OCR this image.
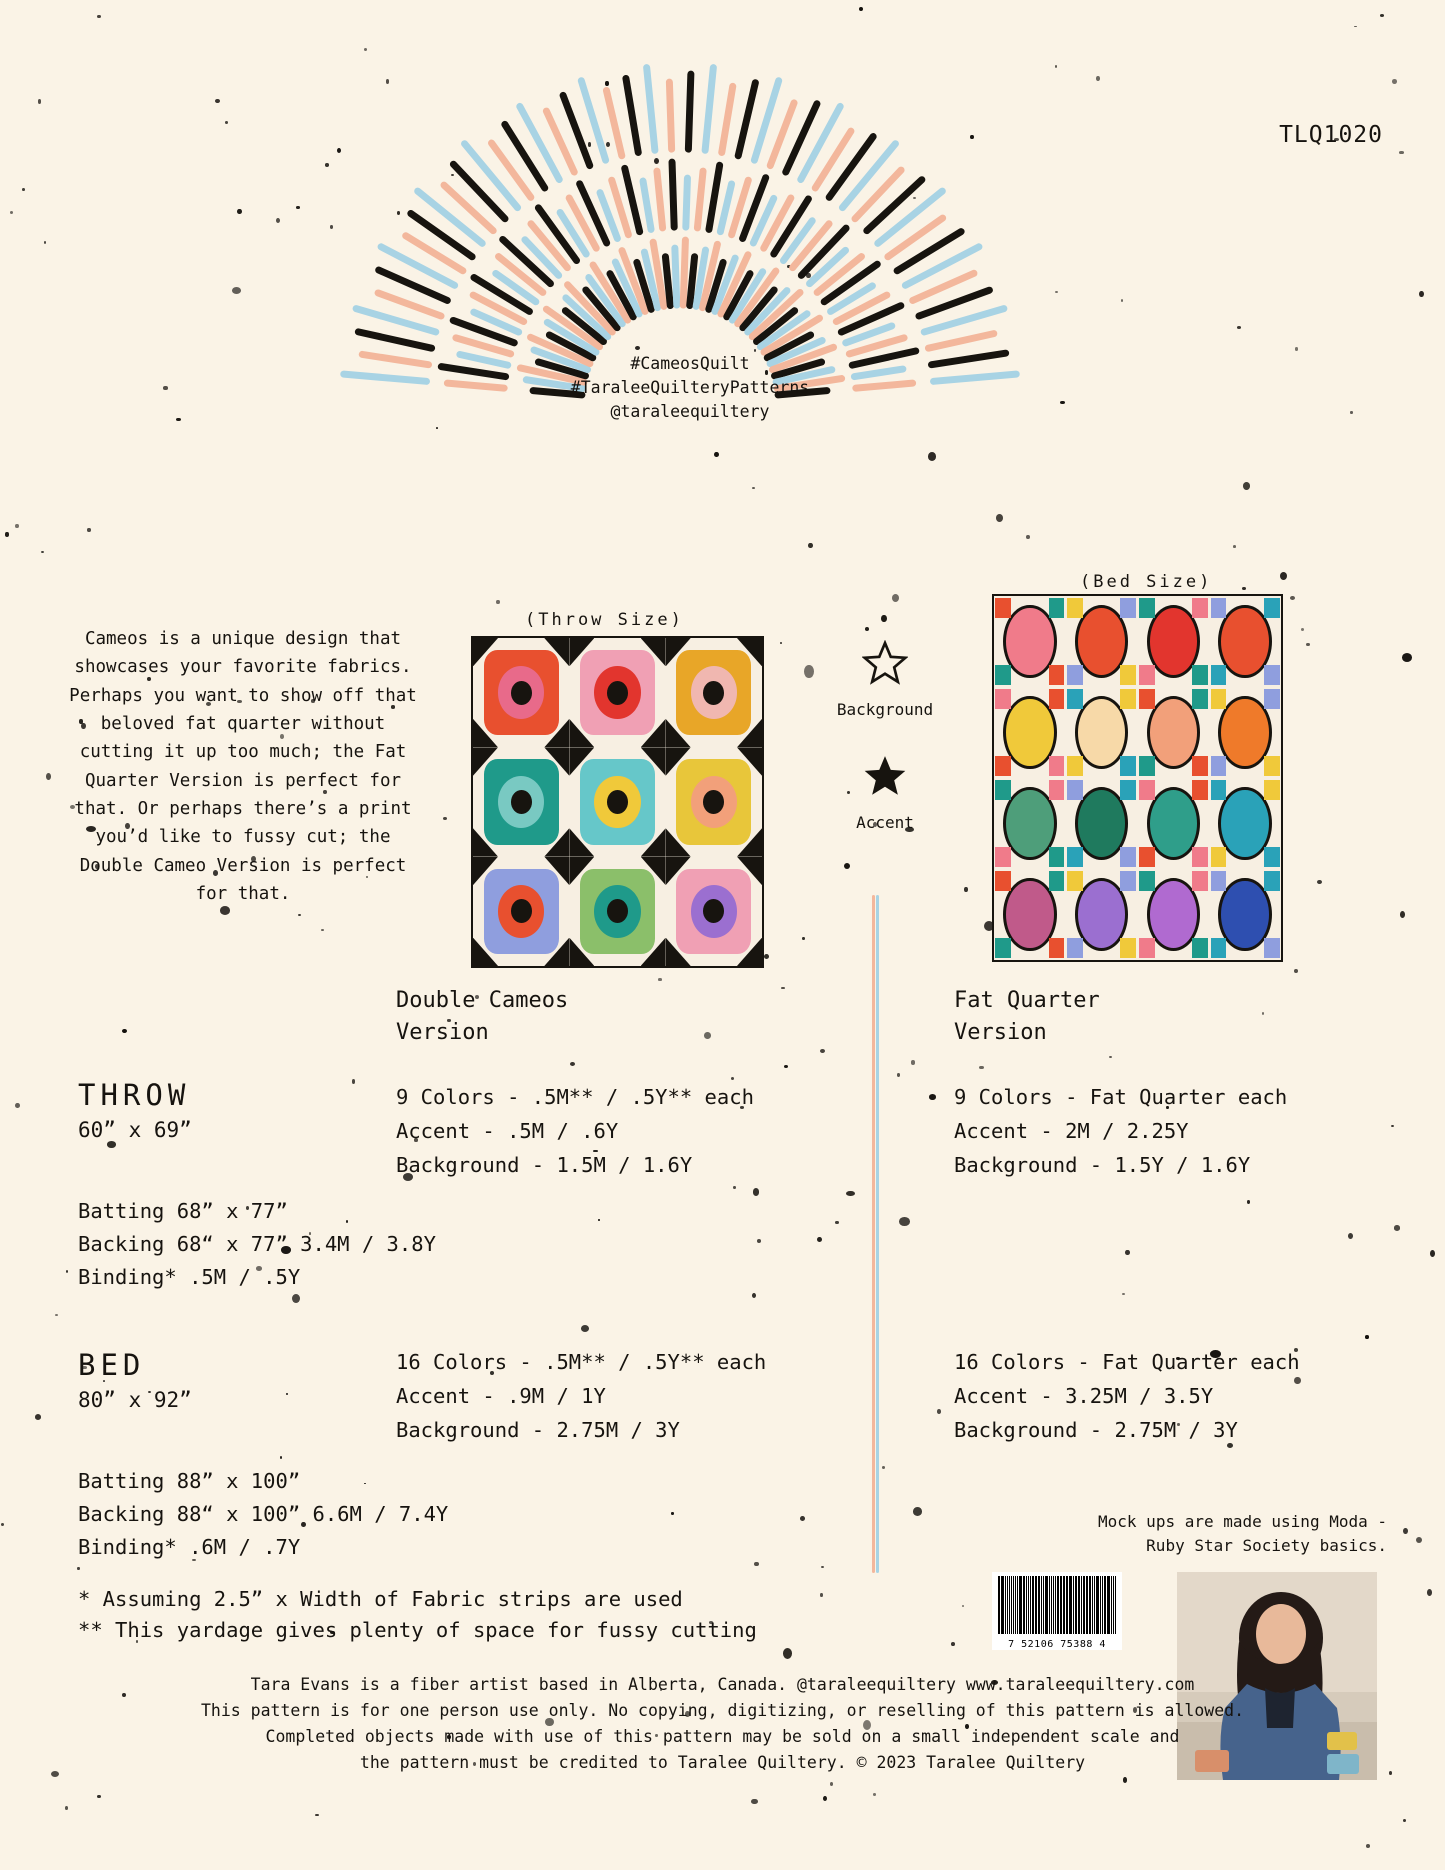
TLQ1020
#CameosQuilt
#TaraleeQuilteryPatterns
@taraleequiltery
Cameos is a unique design that showcases your favorite fabrics. Perhaps you want to show off that beloved fat quarter without cutting it up too much; the Fat Quarter Version is perfect for that. Or perhaps there’s a print you’d like to fussy cut; the Double Cameo Version is perfect for that.
(Throw Size)
(Bed Size)
Background
Accent
Double Cameos
Version
Fat Quarter
Version
THROW
60” x 69”
9 Colors - .5M** / .5Y** each
Accent - .5M / .6Y
Background - 1.5M / 1.6Y
9 Colors - Fat Quarter each
Accent - 2M / 2.25Y
Background - 1.5Y / 1.6Y
Batting 68” x 77”
Backing 68“ x 77” 3.4M / 3.8Y
Binding* .5M / .5Y
BED
80” x 92”
16 Colors - .5M** / .5Y** each
Accent - .9M / 1Y
Background - 2.75M / 3Y
16 Colors - Fat Quarter each
Accent - 3.25M / 3.5Y
Background - 2.75M / 3Y
Batting 88” x 100”
Backing 88“ x 100” 6.6M / 7.4Y
Binding* .6M / .7Y
* Assuming 2.5” x Width of Fabric strips are used
** This yardage gives plenty of space for fussy cutting
Mock ups are made using Moda - Ruby Star Society basics.
7 52106 75388 4
Tara Evans is a fiber artist based in Alberta, Canada. @taraleequiltery www.taraleequiltery.com
This pattern is for one person use only. No copying, digitizing, or reselling of this pattern is allowed.
Completed objects made with use of this pattern may be sold on a small independent scale and
the pattern must be credited to Taralee Quiltery. © 2023 Taralee Quiltery
